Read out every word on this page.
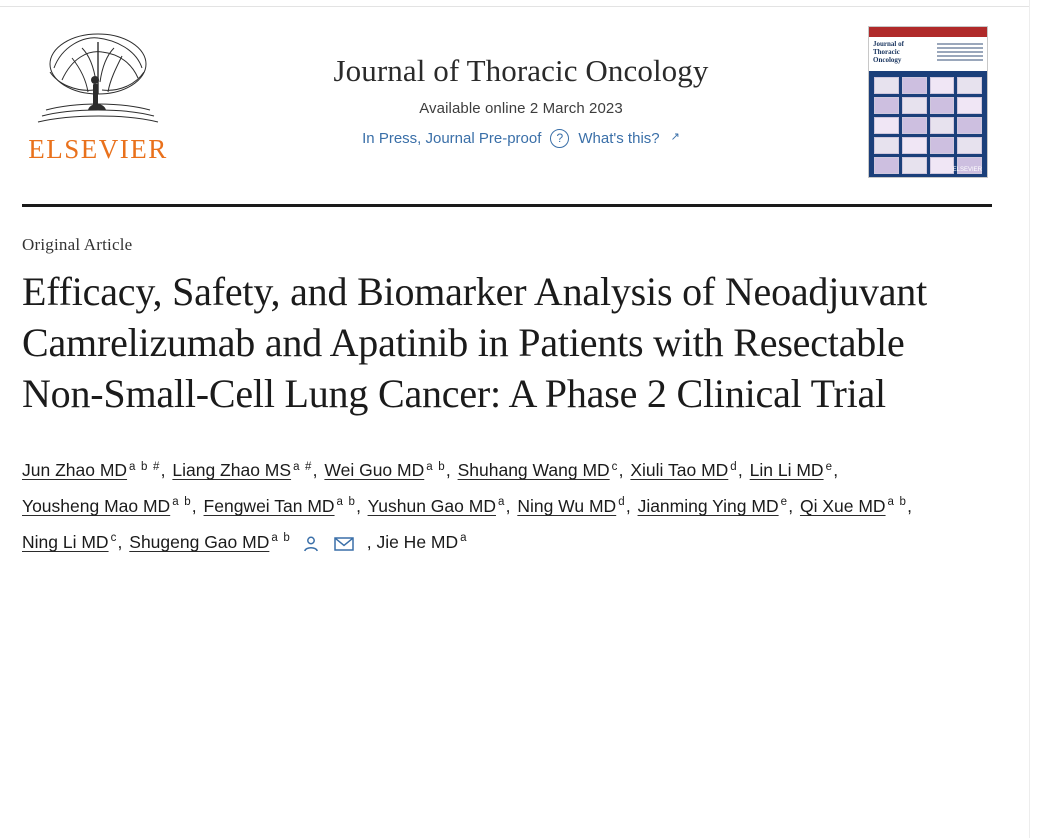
ELSEVIER
Journal of Thoracic Oncology
Available online 2 March 2023
In Press, Journal Pre-proof	?	What's this? ↗
Journal of
Thoracic
Oncology
ELSEVIER
Original Article
Efficacy, Safety, and Biomarker Analysis of Neoadjuvant Camrelizumab and Apatinib in Patients with Resectable Non-Small-Cell Lung Cancer: A Phase 2 Clinical Trial
Jun Zhao MD $^{a b \#}$, Liang Zhao MS $^{a \#}$, Wei Guo MD $^{a b}$, Shuhang Wang MD $^c$, Xiuli Tao MD $^d$, Lin Li MD $^e$, Yousheng Mao MD $^{a b}$, Fengwei Tan MD $^{a b}$, Yushun Gao MD $^a$, Ning Wu MD $^d$, Jianming Ying MD $^e$, Qi Xue MD $^{a b}$, Ning Li MD $^c$, Shugeng Gao MD $^{a b}$
	, Jie He MD $^a$
